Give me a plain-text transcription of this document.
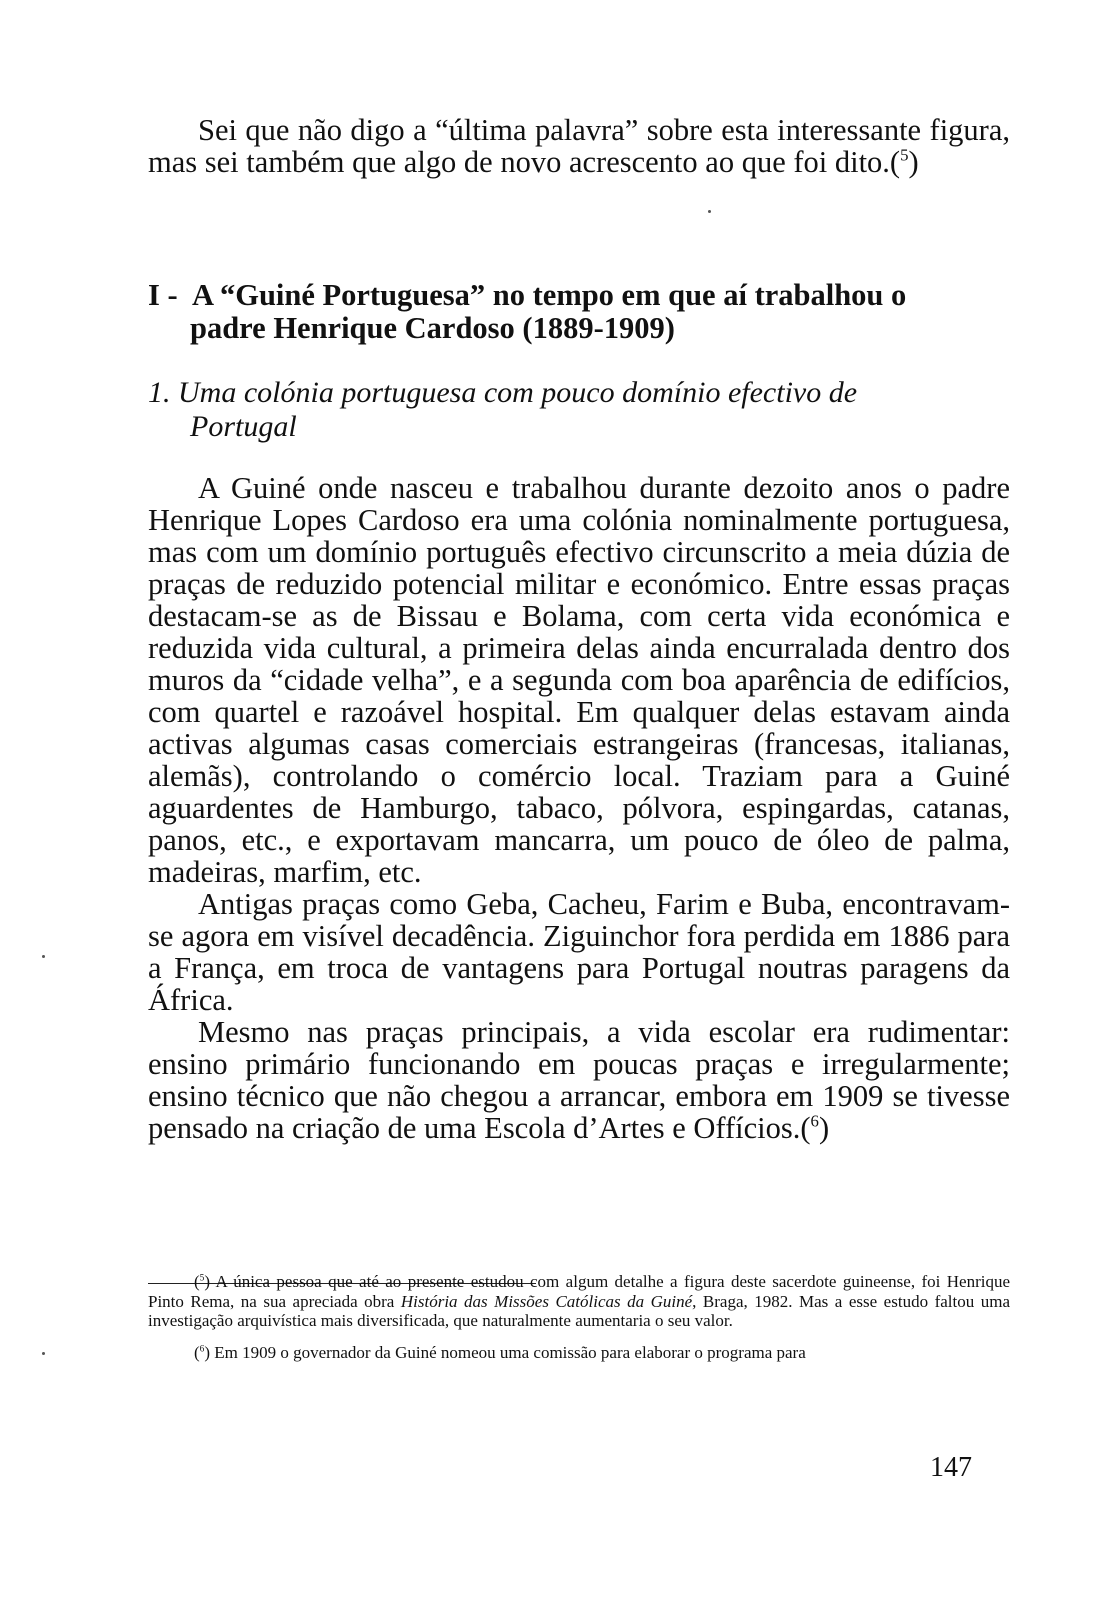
Sei que não digo a “última palavra” sobre esta interessante figura, mas sei também que algo de novo acrescento ao que foi dito.($^5$)

I - A “Guiné Portuguesa” no tempo em que aí trabalhou o
padre Henrique Cardoso (1889-1909)
1. Uma colónia portuguesa com pouco domínio efectivo de
Portugal

A Guiné onde nasceu e trabalhou durante dezoito anos o padre Henrique Lopes Cardoso era uma colónia nominalmente portuguesa, mas com um domínio português efectivo circunscrito a meia dúzia de praças de reduzido potencial militar e económico. Entre essas praças destacam-se as de Bissau e Bolama, com certa vida económica e reduzida vida cultural, a primeira delas ainda encurralada dentro dos muros da “cidade velha”, e a segunda com boa aparência de edifícios, com quartel e razoável hospital. Em qualquer delas estavam ainda activas algumas casas comerciais estrangeiras (francesas, italianas, alemãs), controlando o comércio local. Traziam para a Guiné aguardentes de Hamburgo, tabaco, pólvora, espingardas, catanas, panos, etc., e exportavam mancarra, um pouco de óleo de palma, madeiras, marfim, etc.

Antigas praças como Geba, Cacheu, Farim e Buba, encontravam-se agora em visível decadência. Ziguinchor fora perdida em 1886 para a França, em troca de vantagens para Portugal noutras paragens da África.

Mesmo nas praças principais, a vida escolar era rudimentar: ensino primário funcionando em poucas praças e irregularmente; ensino técnico que não chegou a arrancar, embora em 1909 se tivesse pensado na criação de uma Escola d’Artes e Offícios.($^6$)

($^5$) A única pessoa que até ao presente estudou com algum detalhe a figura deste sacerdote guineense, foi Henrique Pinto Rema, na sua apreciada obra História das Missões Católicas da Guiné, Braga, 1982. Mas a esse estudo faltou uma investigação arquivística mais diversificada, que naturalmente aumentaria o seu valor.

($^6$) Em 1909 o governador da Guiné nomeou uma comissão para elaborar o programa para

147
